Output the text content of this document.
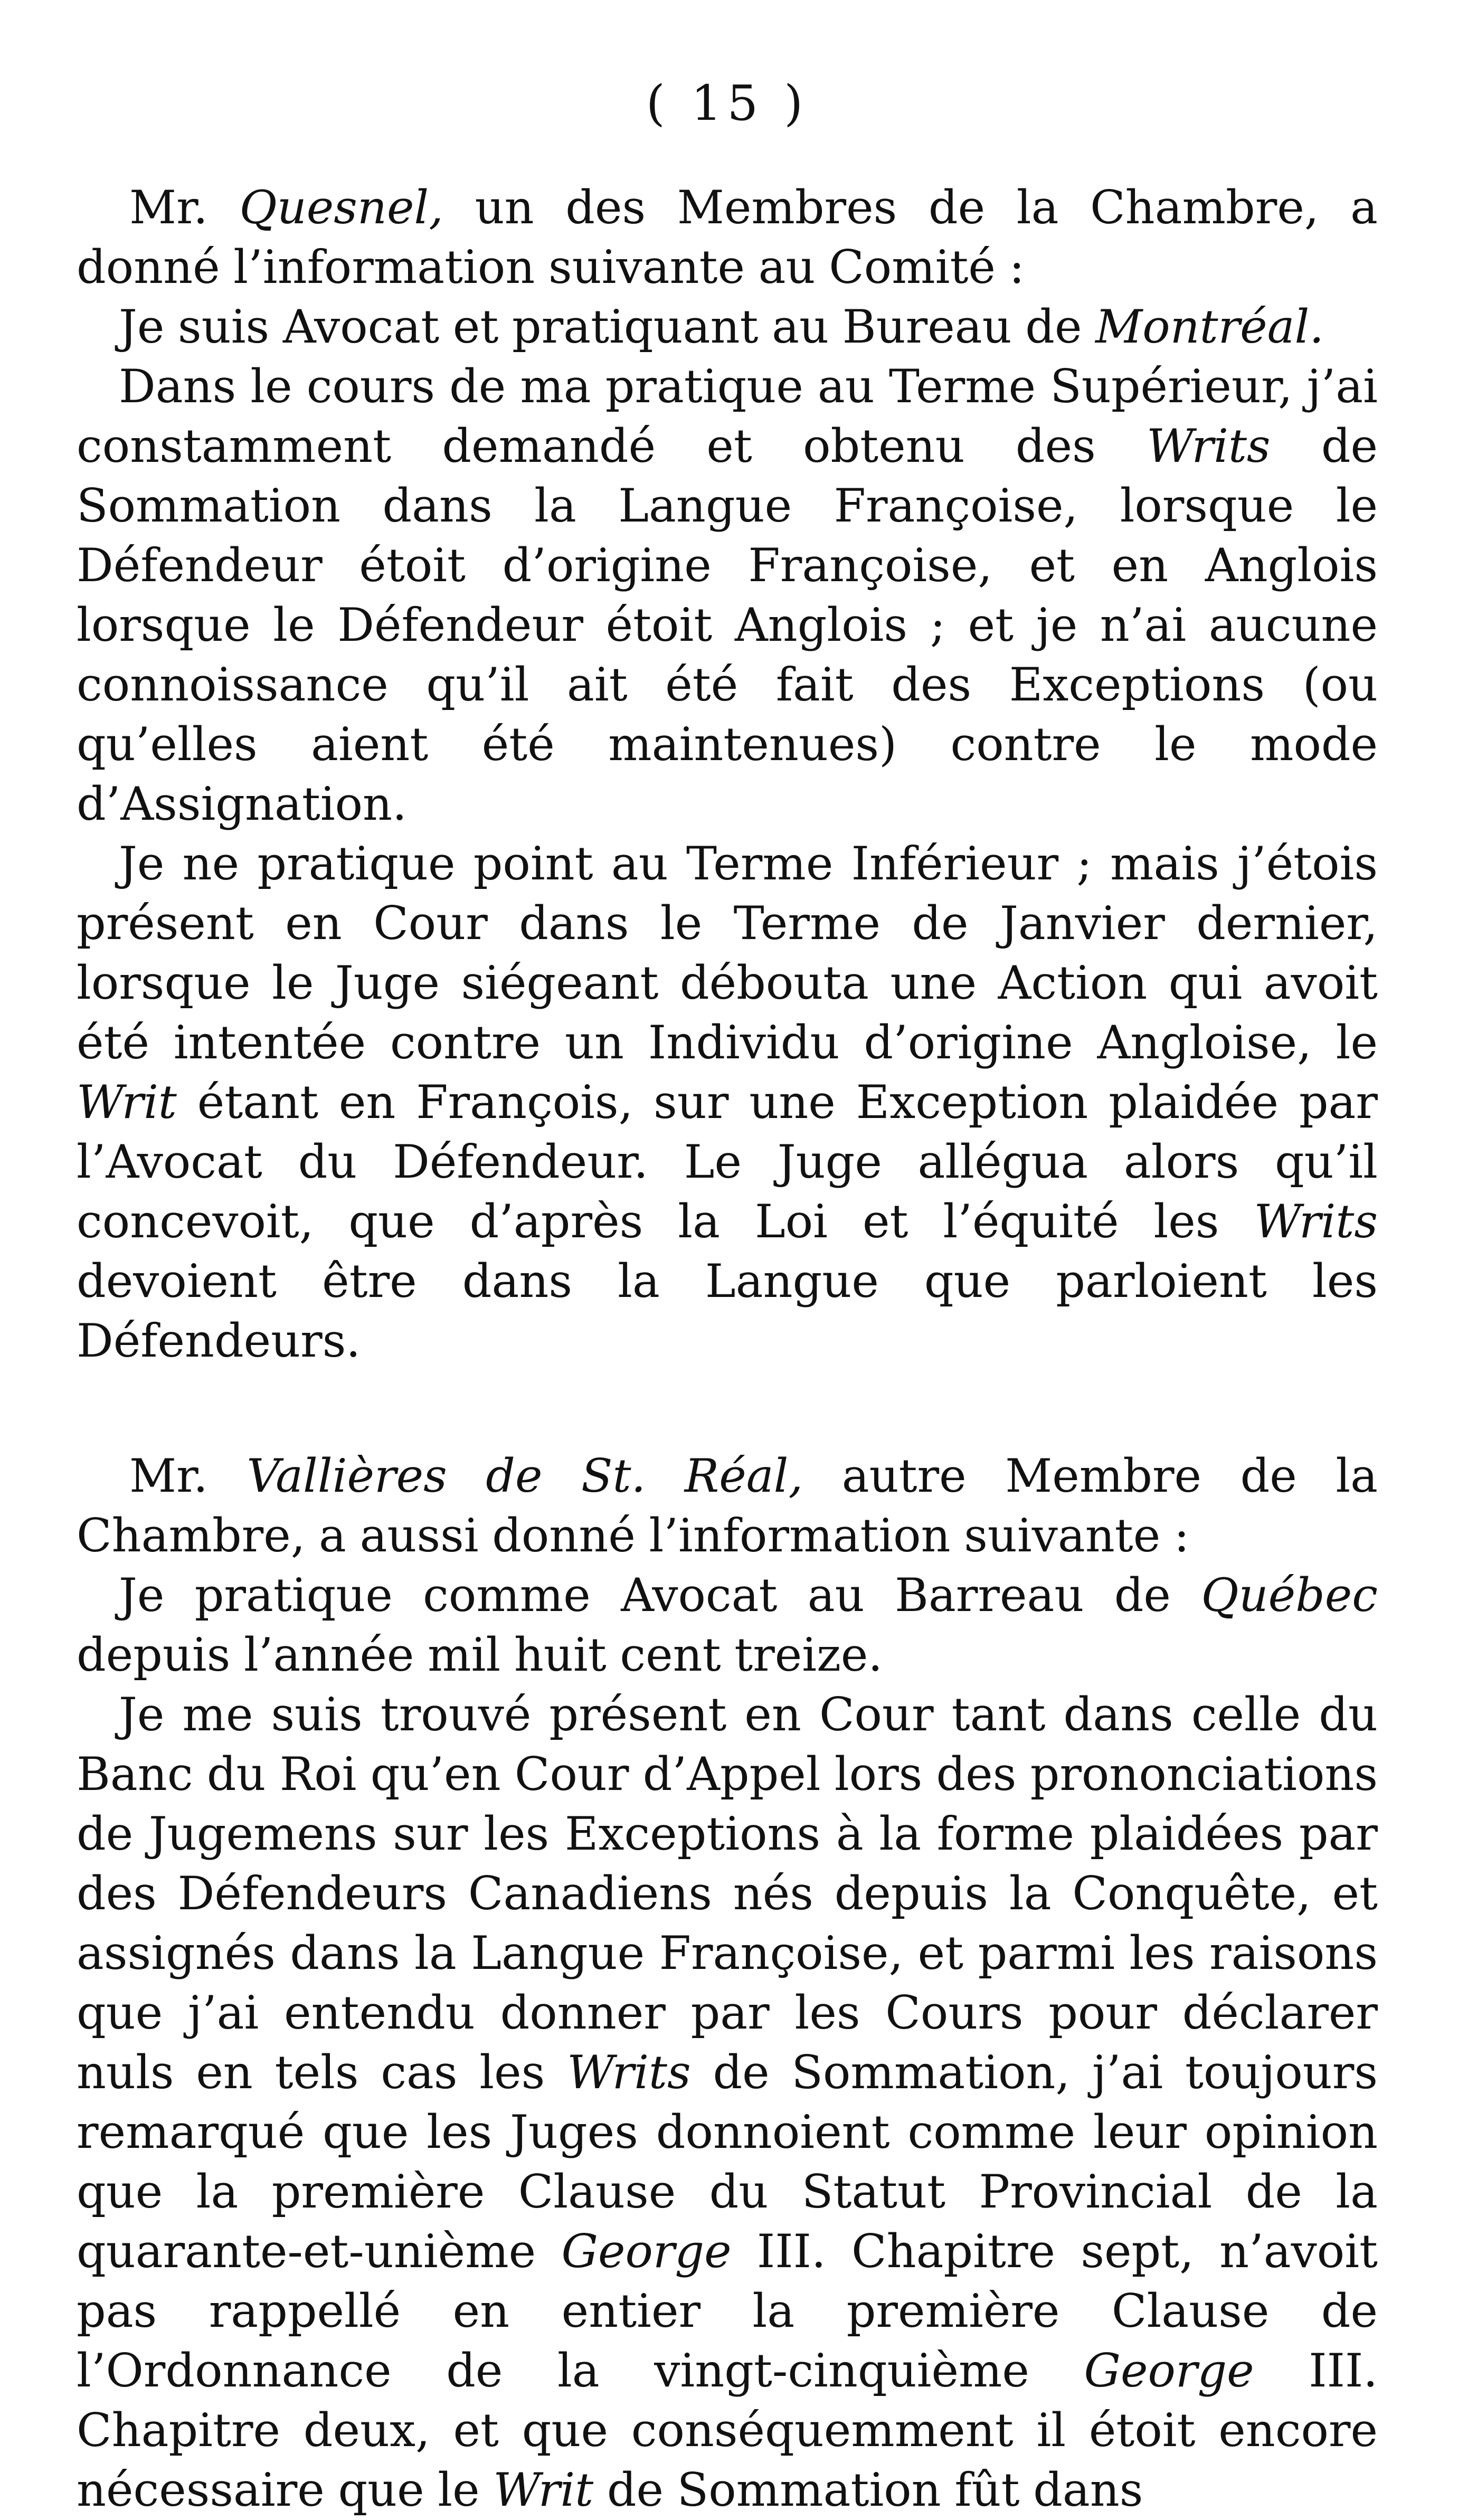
( 15 )

Mr. Quesnel, un des Membres de la Chambre, a donné l’information suivante au Comité :

Je suis Avocat et pratiquant au Bureau de Montréal.

Dans le cours de ma pratique au Terme Supérieur, j’ai constamment demandé et obtenu des Writs de Sommation dans la Langue Françoise, lorsque le Défendeur étoit d’origine Françoise, et en Anglois lorsque le Défendeur étoit Anglois ; et je n’ai aucune connoissance qu’il ait été fait des Exceptions (ou qu’elles aient été maintenues) contre le mode d’Assignation.

Je ne pratique point au Terme Inférieur ; mais j’étois présent en Cour dans le Terme de Janvier dernier, lorsque le Juge siégeant débouta une Action qui avoit été intentée contre un Individu d’origine Angloise, le Writ étant en François, sur une Exception plaidée par l’Avocat du Défendeur. Le Juge allégua alors qu’il concevoit, que d’après la Loi et l’équité les Writs devoient être dans la Langue que parloient les Défendeurs.

Mr. Vallières de St. Réal, autre Membre de la Chambre, a aussi donné l’information suivante :

Je pratique comme Avocat au Barreau de Québec depuis l’année mil huit cent treize.

Je me suis trouvé présent en Cour tant dans celle du Banc du Roi qu’en Cour d’Appel lors des prononciations de Jugemens sur les Exceptions à la forme plaidées par des Défendeurs Canadiens nés depuis la Conquête, et assignés dans la Langue Françoise, et parmi les raisons que j’ai entendu donner par les Cours pour déclarer nuls en tels cas les Writs de Sommation, j’ai toujours remarqué que les Juges donnoient comme leur opinion que la première Clause du Statut Provincial de la quarante-et-unième George III. Chapitre sept, n’avoit pas rappellé en entier la première Clause de l’Ordonnance de la vingt-cinquième George III. Chapitre deux, et que conséquemment il étoit encore nécessaire que le Writ de Sommation fût dans
